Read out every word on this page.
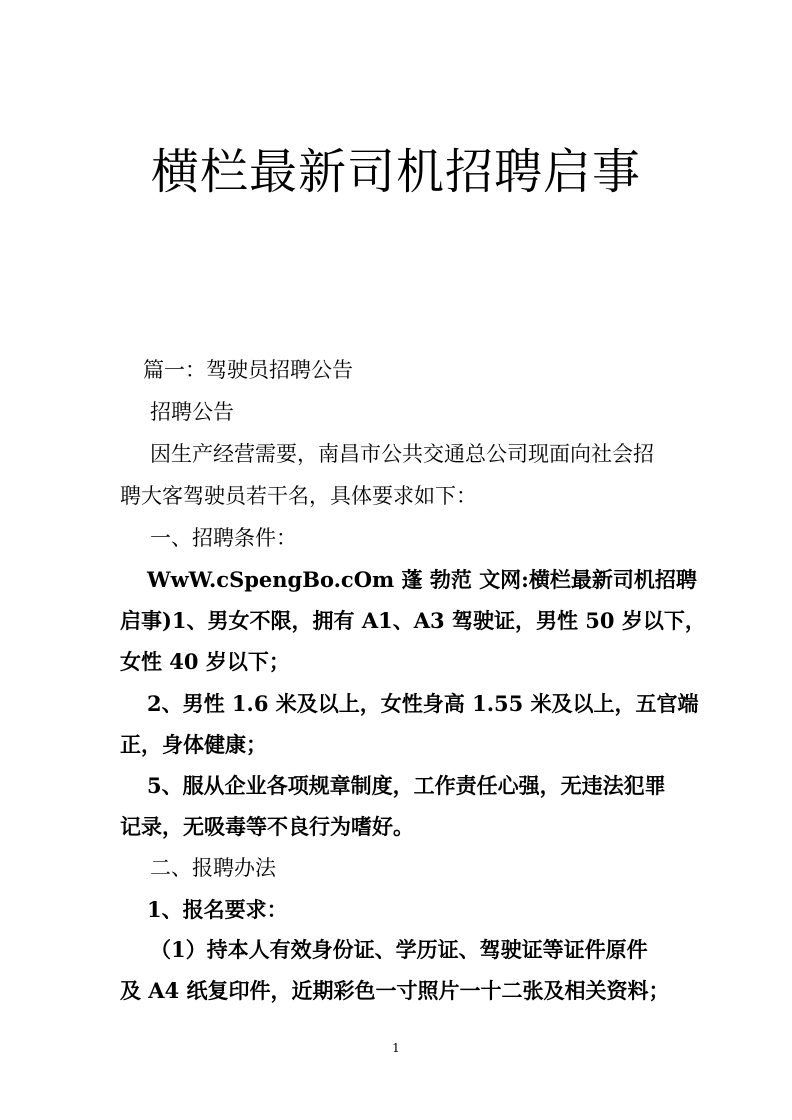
横栏最新司机招聘启事
篇一：驾驶员招聘公告
招聘公告
因生产经营需要，南昌市公共交通总公司现面向社会招
聘大客驾驶员若干名，具体要求如下：
一、招聘条件：
WwW.cSpengBo.cOm 蓬 勃范 文网:横栏最新司机招聘
启事)1、男女不限，拥有 A1、A3 驾驶证，男性 50 岁以下，
女性 40 岁以下；
2、男性 1.6 米及以上，女性身高 1.55 米及以上，五官端
正，身体健康；
5、服从企业各项规章制度，工作责任心强，无违法犯罪
记录，无吸毒等不良行为嗜好。
二、报聘办法
1、报名要求：
（1）持本人有效身份证、学历证、驾驶证等证件原件
及 A4 纸复印件，近期彩色一寸照片一十二张及相关资料；
1
